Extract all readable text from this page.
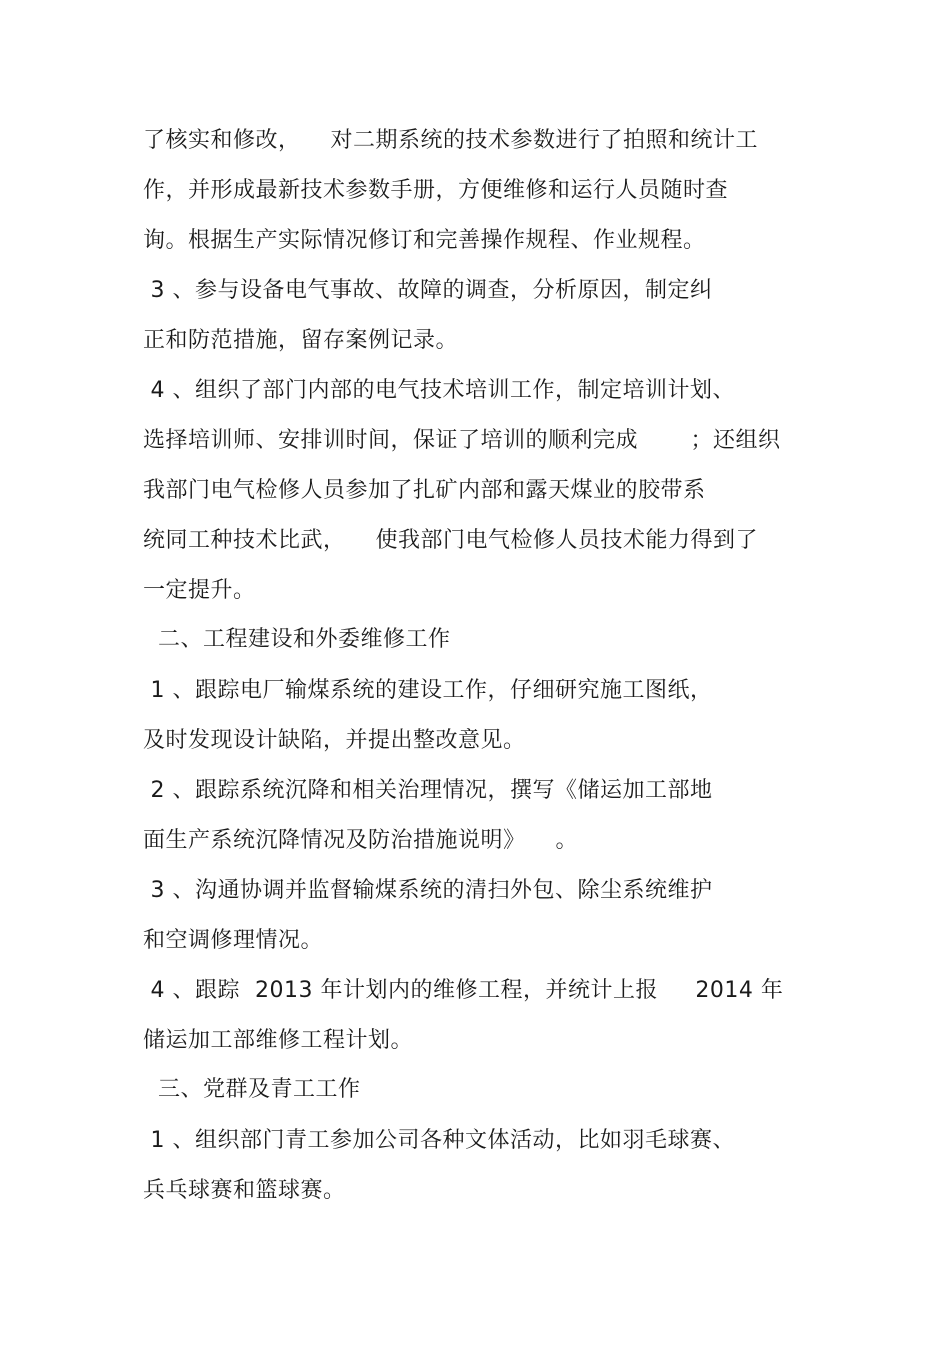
了核实和修改，    对二期系统的技术参数进行了拍照和统计工
作，并形成最新技术参数手册，方便维修和运行人员随时查
询。根据生产实际情况修订和完善操作规程、作业规程。
3 、参与设备电气事故、故障的调查，分析原因，制定纠
正和防范措施，留存案例记录。
4 、组织了部门内部的电气技术培训工作，制定培训计划、
选择培训师、安排训时间，保证了培训的顺利完成       ；还组织
我部门电气检修人员参加了扎矿内部和露天煤业的胶带系
统同工种技术比武，    使我部门电气检修人员技术能力得到了
一定提升。
二、工程建设和外委维修工作
1 、跟踪电厂输煤系统的建设工作，仔细研究施工图纸，
及时发现设计缺陷，并提出整改意见。
2 、跟踪系统沉降和相关治理情况，撰写《储运加工部地
面生产系统沉降情况及防治措施说明》    。
3 、沟通协调并监督输煤系统的清扫外包、除尘系统维护
和空调修理情况。
4 、跟踪  2013 年计划内的维修工程，并统计上报     2014 年
储运加工部维修工程计划。
三、党群及青工工作
1 、组织部门青工参加公司各种文体活动，比如羽毛球赛、
兵乓球赛和篮球赛。
